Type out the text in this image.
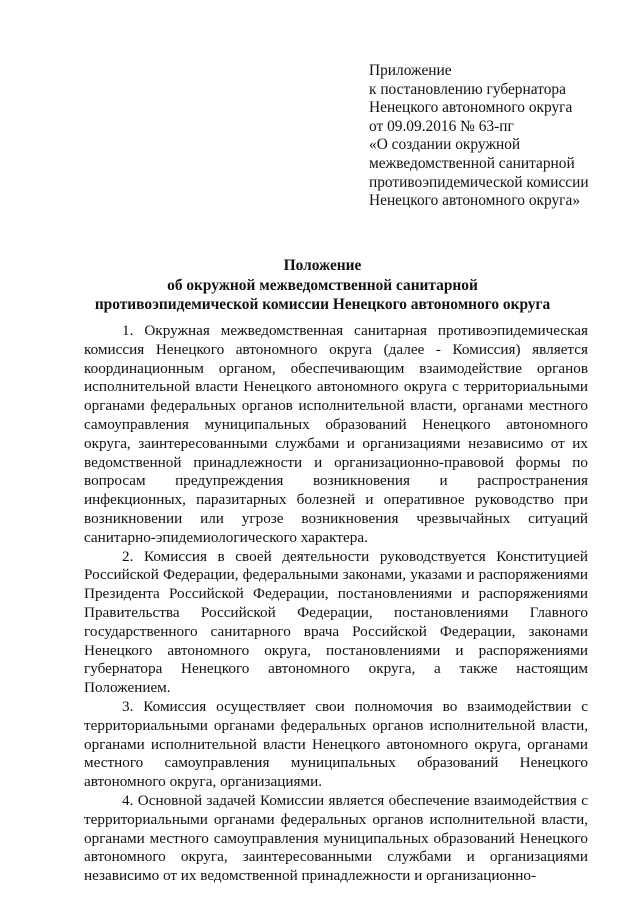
Приложение
к постановлению губернатора
Ненецкого автономного округа
от 09.09.2016 № 63-пг
«О создании окружной
межведомственной санитарной
противоэпидемической комиссии
Ненецкого автономного округа»
Положение
об окружной межведомственной санитарной
противоэпидемической комиссии Ненецкого автономного округа

1. Окружная межведомственная санитарная противоэпидемическая комиссия Ненецкого автономного округа (далее - Комиссия) является координационным органом, обеспечивающим взаимодействие органов исполнительной власти Ненецкого автономного округа с территориальными органами федеральных органов исполнительной власти, органами местного самоуправления муниципальных образований Ненецкого автономного округа, заинтересованными службами и организациями независимо от их ведомственной принадлежности и организационно-правовой формы по вопросам предупреждения возникновения и распространения инфекционных, паразитарных болезней и оперативное руководство при возникновении или угрозе возникновения чрезвычайных ситуаций санитарно-эпидемиологического характера.

2. Комиссия в своей деятельности руководствуется Конституцией Российской Федерации, федеральными законами, указами и распоряжениями Президента Российской Федерации, постановлениями и распоряжениями Правительства Российской Федерации, постановлениями Главного государственного санитарного врача Российской Федерации, законами Ненецкого автономного округа, постановлениями и распоряжениями губернатора Ненецкого автономного округа, а также настоящим Положением.

3. Комиссия осуществляет свои полномочия во взаимодействии с территориальными органами федеральных органов исполнительной власти, органами исполнительной власти Ненецкого автономного округа, органами местного самоуправления муниципальных образований Ненецкого автономного округа, организациями.

4. Основной задачей Комиссии является обеспечение взаимодействия с территориальными органами федеральных органов исполнительной власти, органами местного самоуправления муниципальных образований Ненецкого автономного округа, заинтересованными службами и организациями независимо от их ведомственной принадлежности и организационно-
